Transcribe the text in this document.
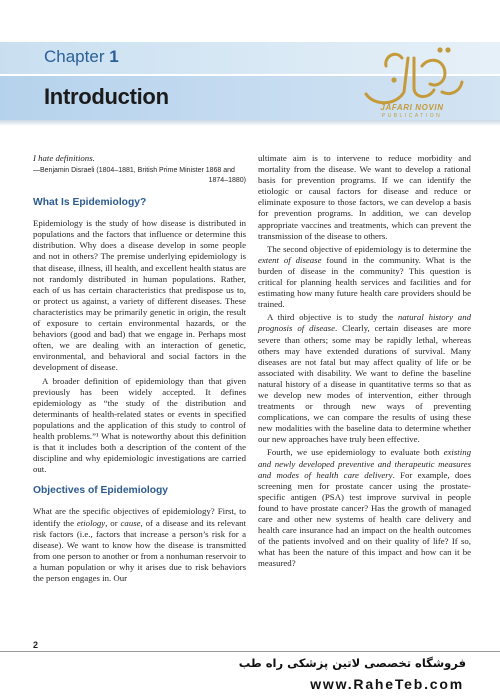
Chapter 1
Introduction	JAFARI NOVIN
PUBLICATION

I hate definitions.

—Benjamin Disraeli (1804–1881, British Prime Minister 1868 and
1874–1880)
What Is Epidemiology?

Epidemiology is the study of how disease is distributed in populations and the factors that influence or determine this distribution. Why does a disease develop in some people and not in others? The premise underlying epidemiology is that disease, illness, ill health, and excellent health status are not randomly distributed in human populations. Rather, each of us has certain characteristics that predispose us to, or protect us against, a variety of different diseases. These characteristics may be primarily genetic in origin, the result of exposure to certain environmental hazards, or the behaviors (good and bad) that we engage in. Perhaps most often, we are dealing with an interaction of genetic, environmental, and behavioral and social factors in the development of disease.

A broader definition of epidemiology than that given previously has been widely accepted. It defines epidemiology as “the study of the distribution and determinants of health-related states or events in specified populations and the application of this study to control of health problems.”¹ What is noteworthy about this definition is that it includes both a description of the content of the discipline and why epidemiologic investigations are carried out.

Objectives of Epidemiology

What are the specific objectives of epidemiology? First, to identify the etiology, or cause, of a disease and its relevant risk factors (i.e., factors that increase a person’s risk for a disease). We want to know how the disease is transmitted from one person to another or from a nonhuman reservoir to a human population or why it arises due to risk behaviors the person engages in. Our

ultimate aim is to intervene to reduce morbidity and mortality from the disease. We want to develop a rational basis for prevention programs. If we can identify the etiologic or causal factors for disease and reduce or eliminate exposure to those factors, we can develop a basis for prevention programs. In addition, we can develop appropriate vaccines and treatments, which can prevent the transmission of the disease to others.

The second objective of epidemiology is to determine the extent of disease found in the community. What is the burden of disease in the community? This question is critical for planning health services and facilities and for estimating how many future health care providers should be trained.

A third objective is to study the natural history and prognosis of disease. Clearly, certain diseases are more severe than others; some may be rapidly lethal, whereas others may have extended durations of survival. Many diseases are not fatal but may affect quality of life or be associated with disability. We want to define the baseline natural history of a disease in quantitative terms so that as we develop new modes of intervention, either through treatments or through new ways of preventing complications, we can compare the results of using these new modalities with the baseline data to determine whether our new approaches have truly been effective.

Fourth, we use epidemiology to evaluate both existing and newly developed preventive and therapeutic measures and modes of health care delivery. For example, does screening men for prostate cancer using the prostate-specific antigen (PSA) test improve survival in people found to have prostate cancer? Has the growth of managed care and other new systems of health care delivery and health care insurance had an impact on the health outcomes of the patients involved and on their quality of life? If so, what has been the nature of this impact and how can it be measured?

2
فروشگاه تخصصی لاتین پزشکی راه طب
www.RaheTeb.com
